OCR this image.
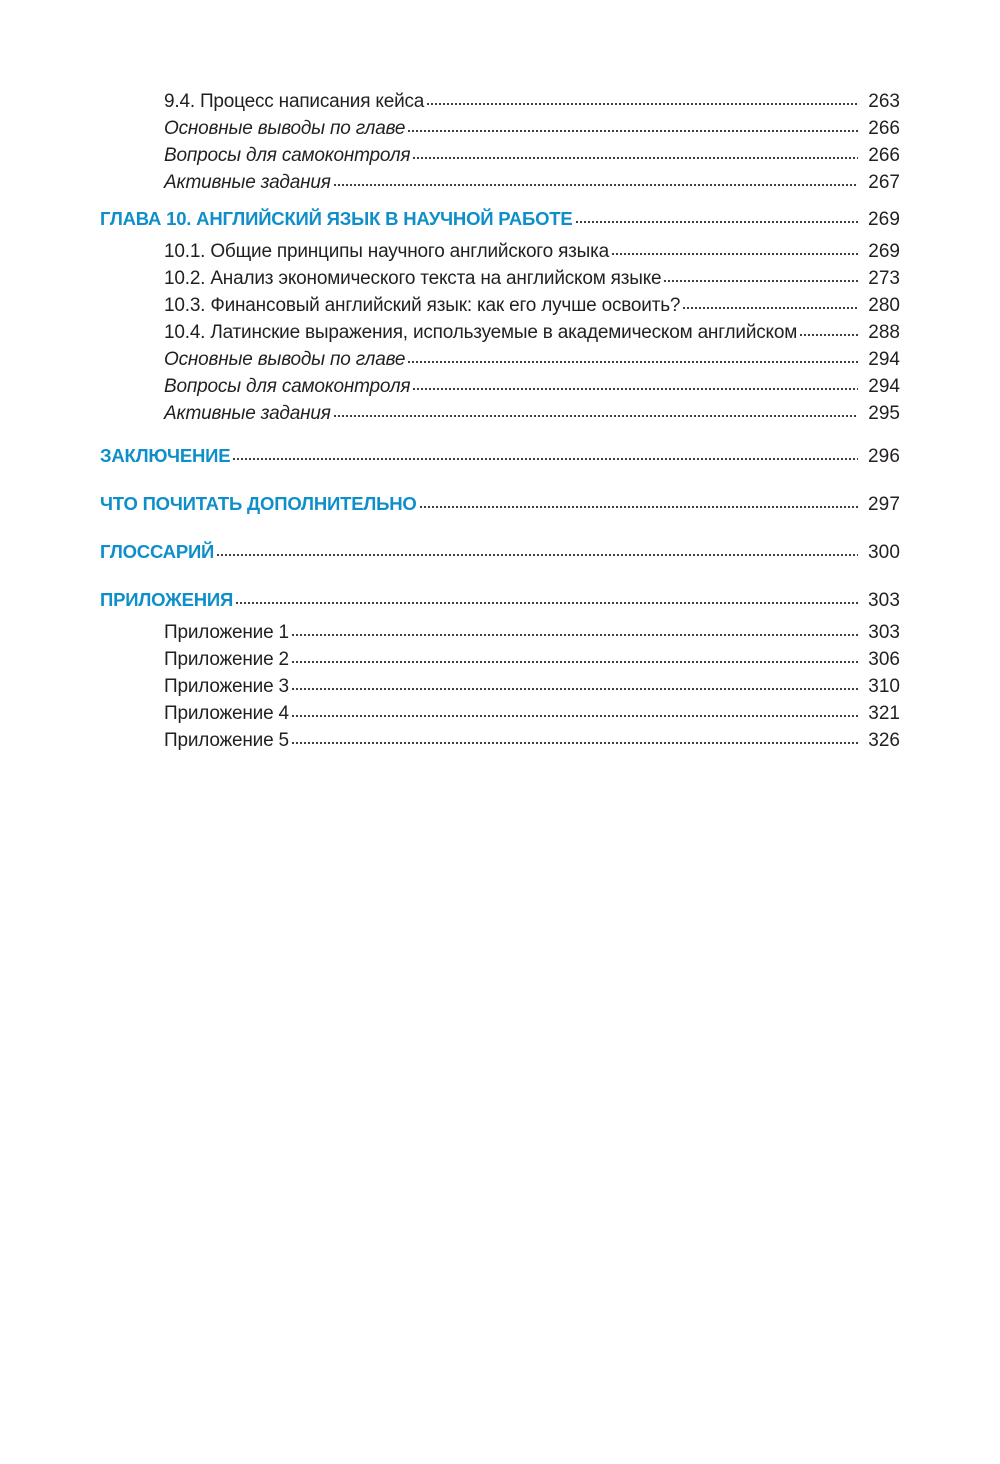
9.4. Процесс написания кейса	263
Основные выводы по главе	266
Вопросы для самоконтроля	266
Активные задания	267
ГЛАВА 10. АНГЛИЙСКИЙ ЯЗЫК В НАУЧНОЙ РАБОТЕ	269
10.1. Общие принципы научного английского языка	269
10.2. Анализ экономического текста на английском языке	273
10.3. Финансовый английский язык: как его лучше освоить?	280
10.4. Латинские выражения, используемые в академическом английском	288
Основные выводы по главе	294
Вопросы для самоконтроля	294
Активные задания	295
ЗАКЛЮЧЕНИЕ	296
ЧТО ПОЧИТАТЬ ДОПОЛНИТЕЛЬНО	297
ГЛОССАРИЙ	300
ПРИЛОЖЕНИЯ	303
Приложение 1	303
Приложение 2	306
Приложение 3	310
Приложение 4	321
Приложение 5	326
